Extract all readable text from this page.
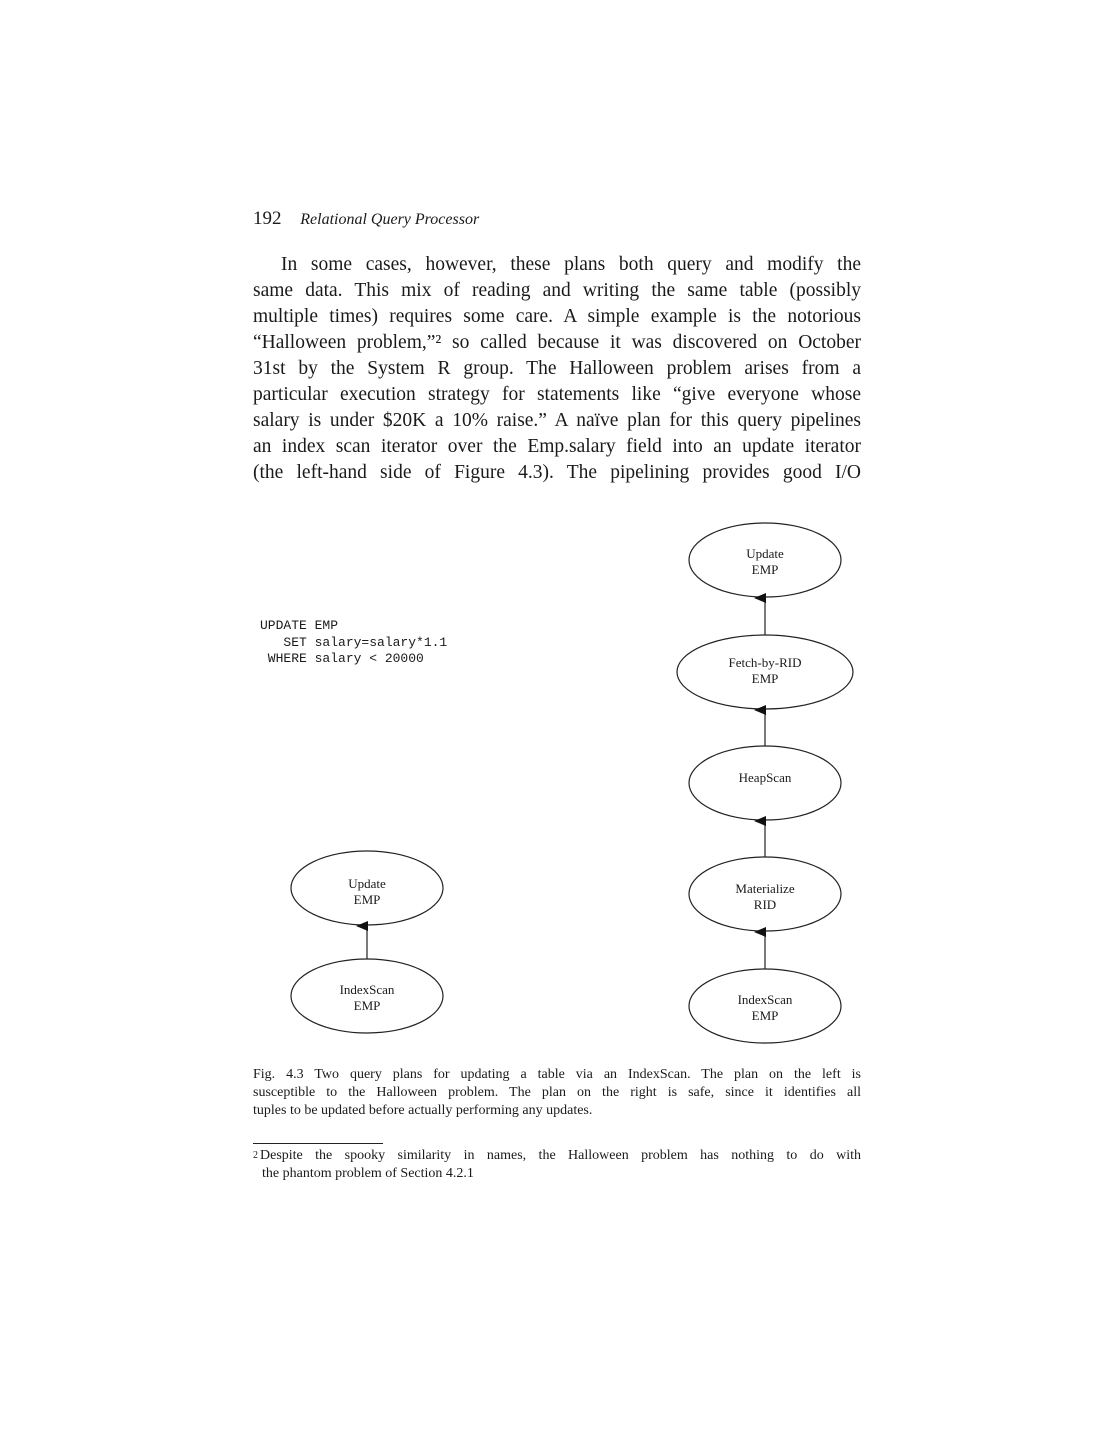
192 Relational Query Processor
In some cases, however, these plans both query and modify the
same data. This mix of reading and writing the same table (possibly
multiple times) requires some care. A simple example is the notorious
“Halloween problem,”² so called because it was discovered on October
31st by the System R group. The Halloween problem arises from a
particular execution strategy for statements like “give everyone whose
salary is under $20K a 10% raise.” A naïve plan for this query pipelines
an index scan iterator over the Emp.salary field into an update iterator
(the left-hand side of Figure 4.3). The pipelining provides good I/O
UPDATE EMP
SET salary=salary*1.1
WHERE salary < 20000
Update
EMP
IndexScan
EMP
Update
EMP
Fetch-by-RID
EMP
HeapScan
Materialize
RID
IndexScan
EMP
Fig. 4.3 Two query plans for updating a table via an IndexScan. The plan on the left is
susceptible to the Halloween problem. The plan on the right is safe, since it identifies all
tuples to be updated before actually performing any updates.
2 Despite the spooky similarity in names, the Halloween problem has nothing to do with
the phantom problem of Section 4.2.1
